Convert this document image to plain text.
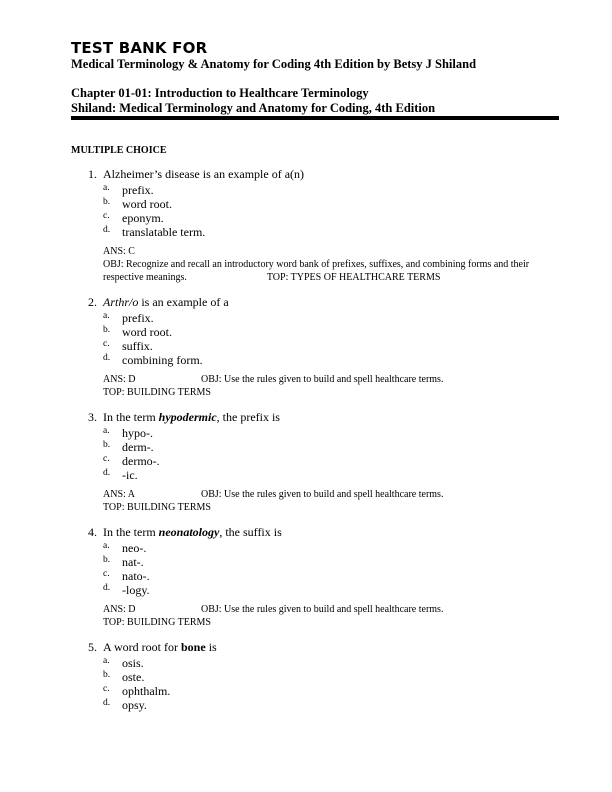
TEST BANK FOR
Medical Terminology & Anatomy for Coding 4th Edition by Betsy J Shiland
Chapter 01-01: Introduction to Healthcare Terminology
Shiland: Medical Terminology and Anatomy for Coding, 4th Edition
MULTIPLE CHOICE
1. Alzheimer’s disease is an example of a(n)
a. prefix.
b. word root.
c. eponym.
d. translatable term.
ANS: C
OBJ: Recognize and recall an introductory word bank of prefixes, suffixes, and combining forms and their respective meanings.	TOP: TYPES OF HEALTHCARE TERMS
2. Arthr/o is an example of a
a. prefix.
b. word root.
c. suffix.
d. combining form.
ANS: D	OBJ: Use the rules given to build and spell healthcare terms.
TOP: BUILDING TERMS
3. In the term hypodermic, the prefix is
a. hypo-.
b. derm-.
c. dermo-.
d. -ic.
ANS: A	OBJ: Use the rules given to build and spell healthcare terms.
TOP: BUILDING TERMS
4. In the term neonatology, the suffix is
a. neo-.
b. nat-.
c. nato-.
d. -logy.
ANS: D	OBJ: Use the rules given to build and spell healthcare terms.
TOP: BUILDING TERMS
5. A word root for bone is
a. osis.
b. oste.
c. ophthalm.
d. opsy.
